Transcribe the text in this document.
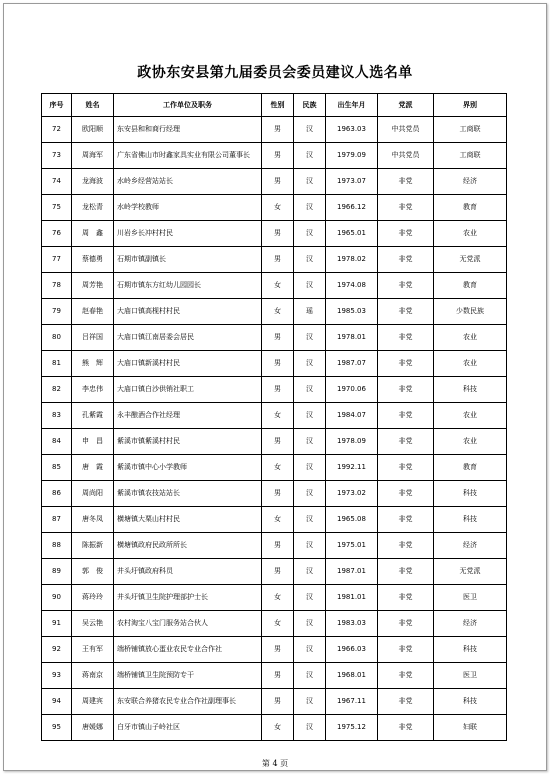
政协东安县第九届委员会委员建议人选名单
序号	姓名	工作单位及职务	性别	民族	出生年月	党派	界别
72	欧阳顺	东安县和和商行经理	男	汉	1963.03	中共党员	工商联
73	周海军	广东省佛山市时鑫家具实业有限公司董事长	男	汉	1979.09	中共党员	工商联
74	龙海波	水岭乡经营站站长	男	汉	1973.07	非党	经济
75	龙松青	水岭学校教师	女	汉	1966.12	非党	教育
76	周　鑫	川岩乡长冲村村民	男	汉	1965.01	非党	农业
77	蔡德勇	石期市镇副镇长	男	汉	1978.02	非党	无党派
78	周芳艳	石期市镇东方红幼儿园园长	女	汉	1974.08	非党	教育
79	赵春艳	大庙口镇高枧村村民	女	瑶	1985.03	非党	少数民族
80	吕祥国	大庙口镇江南居委会居民	男	汉	1978.01	非党	农业
81	熊　辉	大庙口镇新溪村村民	男	汉	1987.07	非党	农业
82	李忠伟	大庙口镇白沙供销社职工	男	汉	1970.06	非党	科技
83	孔紫霞	永丰酿酒合作社经理	女	汉	1984.07	非党	农业
84	申　昌	紫溪市镇紫溪村村民	男	汉	1978.09	非党	农业
85	唐　霞	紫溪市镇中心小学教师	女	汉	1992.11	非党	教育
86	周尚阳	紫溪市镇农技站站长	男	汉	1973.02	非党	科技
87	唐冬凤	横塘镇大栗山村村民	女	汉	1965.08	非党	科技
88	陈振新	横塘镇政府民政所所长	男	汉	1975.01	非党	经济
89	郭　俊	井头圩镇政府科员	男	汉	1987.01	非党	无党派
90	蒋玲玲	井头圩镇卫生院护理部护士长	女	汉	1981.01	非党	医卫
91	吴云艳	农村淘宝八宝门服务站合伙人	女	汉	1983.03	非党	经济
92	王有军	端桥铺镇放心蛋业农民专业合作社	男	汉	1966.03	非党	科技
93	蒋南京	端桥铺镇卫生院预防专干	男	汉	1968.01	非党	医卫
94	周建宾	东安联合养猪农民专业合作社副理事长	男	汉	1967.11	非党	科技
95	唐媛娜	白牙市镇山子岭社区	女	汉	1975.12	非党	妇联
第 4 页
